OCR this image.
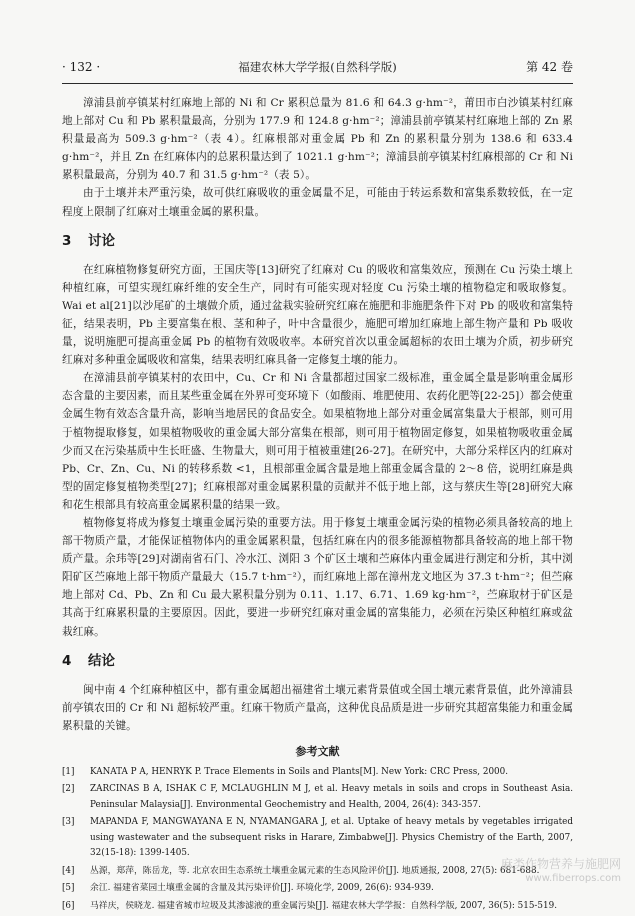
· 132 ·	福建农林大学学报(自然科学版)	第 42 卷

漳浦县前亭镇某村红麻地上部的 Ni 和 Cr 累积总量为 81.6 和 64.3 g·hm⁻²，莆田市白沙镇某村红麻地上部对 Cu 和 Pb 累积量最高，分别为 177.9 和 124.8 g·hm⁻²；漳浦县前亭镇某村红麻地上部的 Zn 累积量最高为 509.3 g·hm⁻²（表 4）。红麻根部对重金属 Pb 和 Zn 的累积量分别为 138.6 和 633.4 g·hm⁻²，并且 Zn 在红麻体内的总累积量达到了 1021.1 g·hm⁻²；漳浦县前亭镇某村红麻根部的 Cr 和 Ni 累积量最高，分别为 40.7 和 31.5 g·hm⁻²（表 5）。

由于土壤并未严重污染，故可供红麻吸收的重金属量不足，可能由于转运系数和富集系数较低，在一定程度上限制了红麻对土壤重金属的累积量。

3 讨论

在红麻植物修复研究方面，王国庆等[13]研究了红麻对 Cu 的吸收和富集效应，预测在 Cu 污染土壤上种植红麻，可望实现红麻纤维的安全生产，同时有可能实现对轻度 Cu 污染土壤的植物稳定和吸取修复。Wai et al[21]以沙尾矿的土壤做介质，通过盆栽实验研究红麻在施肥和非施肥条件下对 Pb 的吸收和富集特征，结果表明，Pb 主要富集在根、茎和种子，叶中含量很少，施肥可增加红麻地上部生物产量和 Pb 吸收量，说明施肥可提高重金属 Pb 的植物有效吸收率。本研究首次以重金属超标的农田土壤为介质，初步研究红麻对多种重金属吸收和富集，结果表明红麻具备一定修复土壤的能力。

在漳浦县前亭镇某村的农田中，Cu、Cr 和 Ni 含量都超过国家二级标准，重金属全量是影响重金属形态含量的主要因素，而且某些重金属在外界可变环境下（如酸雨、堆肥使用、农药化肥等[22-25]）都会使重金属生物有效态含量升高，影响当地居民的食品安全。如果植物地上部分对重金属富集量大于根部，则可用于植物提取修复，如果植物吸收的重金属大部分富集在根部，则可用于植物固定修复，如果植物吸收重金属少而又在污染基质中生长旺盛、生物量大，则可用于植被重建[26-27]。在研究中，大部分采样区内的红麻对 Pb、Cr、Zn、Cu、Ni 的转移系数 <1，且根部重金属含量是地上部重金属含量的 2～8 倍，说明红麻是典型的固定修复植物类型[27]；红麻根部对重金属累积量的贡献并不低于地上部，这与蔡庆生等[28]研究大麻和花生根部具有较高重金属累积量的结果一致。

植物修复将成为修复土壤重金属污染的重要方法。用于修复土壤重金属污染的植物必须具备较高的地上部干物质产量，才能保证植物体内的重金属累积量，包括红麻在内的很多能源植物都具备较高的地上部干物质产量。余玮等[29]对湖南省石门、冷水江、浏阳 3 个矿区土壤和苎麻体内重金属进行测定和分析，其中浏阳矿区苎麻地上部干物质产量最大（15.7 t·hm⁻²），而红麻地上部在漳州龙文地区为 37.3 t·hm⁻²；但苎麻地上部对 Cd、Pb、Zn 和 Cu 最大累积量分别为 0.11、1.17、6.71、1.69 kg·hm⁻²，苎麻取材于矿区是其高于红麻累积量的主要原因。因此，要进一步研究红麻对重金属的富集能力，必须在污染区种植红麻或盆栽红麻。

4 结论

闽中南 4 个红麻种植区中，都有重金属超出福建省土壤元素背景值或全国土壤元素背景值，此外漳浦县前亭镇农田的 Cr 和 Ni 超标较严重。红麻干物质产量高，这种优良品质是进一步研究其超富集能力和重金属累积量的关键。

参考文献
[1]	KANATA P A, HENRYK P. Trace Elements in Soils and Plants[M]. New York: CRC Press, 2000.
[2]	ZARCINAS B A, ISHAK C F, MCLAUGHLIN M J, et al. Heavy metals in soils and crops in Southeast Asia. Peninsular Malaysia[J]. Environmental Geochemistry and Health, 2004, 26(4): 343-357.
[3]	MAPANDA F, MANGWAYANA E N, NYAMANGARA J, et al. Uptake of heavy metals by vegetables irrigated using wastewater and the subsequent risks in Harare, Zimbabwe[J]. Physics Chemistry of the Earth, 2007, 32(15-18): 1399-1405.
[4]	丛源，郑萍，陈岳龙，等. 北京农田生态系统土壤重金属元素的生态风险评价[J]. 地质通报, 2008, 27(5): 681-688.
[5]	余江. 福建省菜园土壤重金属的含量及其污染评价[J]. 环境化学, 2009, 26(6): 934-939.
[6]	马祥庆，侯晓龙. 福建省城市垃圾及其渗滤液的重金属污染[J]. 福建农林大学学报：自然科学版, 2007, 36(5): 515-519.
麻类作物营养与施肥网
www.fiberrops.com
